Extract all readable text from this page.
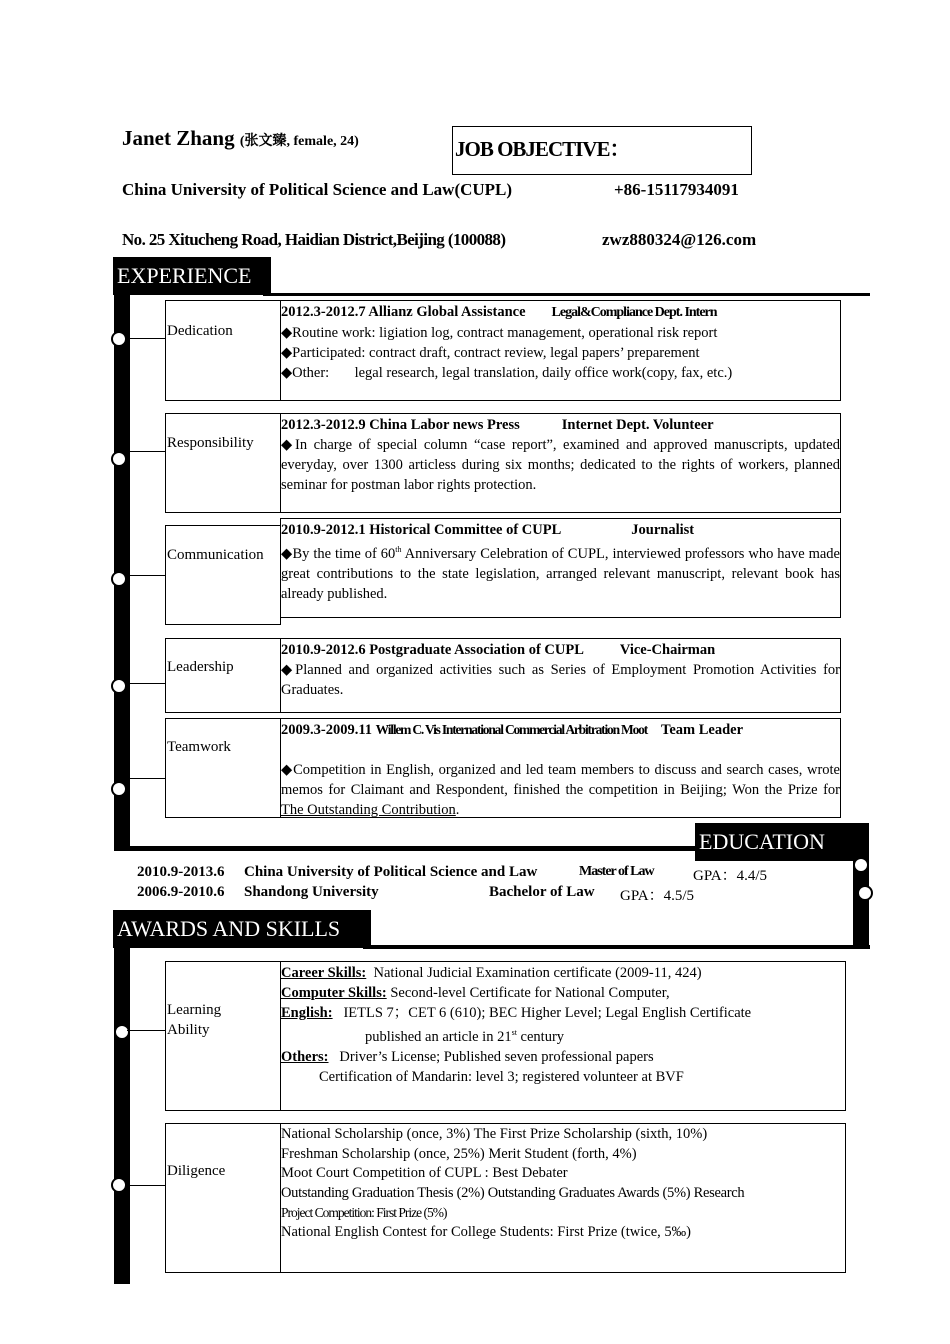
Janet Zhang (张文臻, female, 24)	JOB OBJECTIVE：
China University of Political Science and Law(CUPL)	+86-15117934091
No. 25 Xitucheng Road, Haidian District,Beijing (100088)	zwz880324@126.com
EXPERIENCE
Dedication

2012.3-2012.7 Allianz Global Assistance Legal&Compliance Dept. Intern

◆Routine work: ligiation log, contract management, operational risk report

◆Participated: contract draft, contract review, legal papers’ preparement

◆Other:       legal research, legal translation, daily office work(copy, fax, etc.)

Responsibility

2012.3-2012.9 China Labor news Press	Internet Dept. Volunteer

◆In charge of special column “case report”, examined and approved manuscripts, updated everyday, over 1300 articless during six months; dedicated to the rights of workers, planned seminar for postman labor rights protection.

Communication

2010.9-2012.1 Historical Committee of CUPL	Journalist

◆By the time of 60th Anniversary Celebration of CUPL, interviewed professors who have made great contributions to the state legislation, arranged relevant manuscript, relevant book has already published.

Leadership

2010.9-2012.6 Postgraduate Association of CUPL Vice-Chairman

◆Planned and organized activities such as Series of Employment Promotion Activities for Graduates.

Teamwork

2009.3-2009.11 Willem C. Vis International Commercial Arbitration Moot Team Leader

◆Competition in English, organized and led team members to discuss and search cases, wrote memos for Claimant and Respondent, finished the competition in Beijing; Won the Prize for The Outstanding Contribution.

EDUCATION
2010.9-2013.6 China University of Political Science and Law	Master of Law	GPA：4.4/5
2006.9-2010.6 Shandong University	Bachelor of Law GPA：4.5/5
AWARDS AND SKILLS
Learning
Ability

Career Skills:  National Judicial Examination certificate (2009-11, 424)

Computer Skills: Second-level Certificate for National Computer,

English:   IETLS 7；CET 6 (610); BEC Higher Level; Legal English Certificate

published an article in 21st century

Others:   Driver’s License; Published seven professional papers

Certification of Mandarin: level 3; registered volunteer at BVF

Diligence

National Scholarship (once, 3%) The First Prize Scholarship (sixth, 10%)

Freshman Scholarship (once, 25%) Merit Student (forth, 4%)

Moot Court Competition of CUPL : Best Debater

Outstanding Graduation Thesis (2%) Outstanding Graduates Awards (5%) Research

Project Competition: First Prize (5%)

National English Contest for College Students: First Prize (twice, 5‰)
